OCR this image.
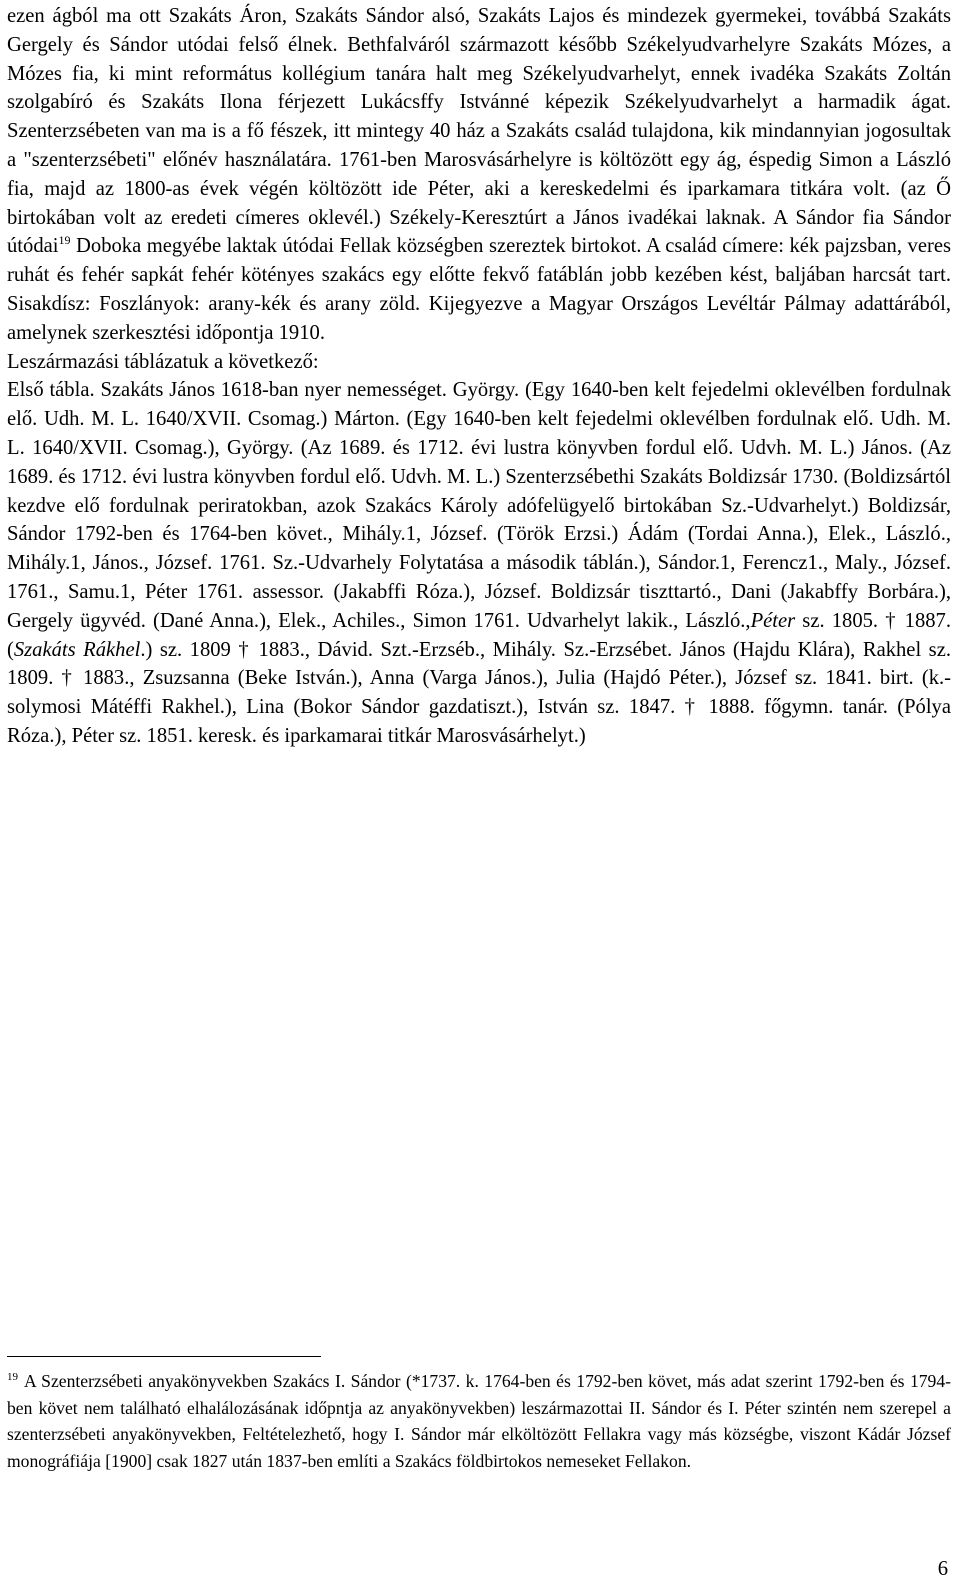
ezen ágból ma ott Szakáts Áron, Szakáts Sándor alsó, Szakáts Lajos és mindezek gyermekei, továbbá Szakáts Gergely és Sándor utódai felső élnek. Bethfalváról származott később Székelyudvarhelyre Szakáts Mózes, a Mózes fia, ki mint református kollégium tanára halt meg Székelyudvarhelyt, ennek ivadéka Szakáts Zoltán szolgabíró és Szakáts Ilona férjezett Lukácsffy Istvánné képezik Székelyudvarhelyt a harmadik ágat. Szenterzsébeten van ma is a fő fészek, itt mintegy 40 ház a Szakáts család tulajdona, kik mindannyian jogosultak a "szenterzsébeti" előnév használatára. 1761-ben Marosvásárhelyre is költözött egy ág, éspedig Simon a László fia, majd az 1800-as évek végén költözött ide Péter, aki a kereskedelmi és iparkamara titkára volt. (az Ő birtokában volt az eredeti címeres oklevél.) Székely-Keresztúrt a János ivadékai laknak. A Sándor fia Sándor útódai$^{19}$ Doboka megyébe laktak útódai Fellak községben szereztek birtokot. A család címere: kék pajzsban, veres ruhát és fehér sapkát fehér kötényes szakács egy előtte fekvő fatáblán jobb kezében kést, baljában harcsát tart. Sisakdísz: Foszlányok: arany-kék és arany zöld. Kijegyezve a Magyar Országos Levéltár Pálmay adattárából, amelynek szerkesztési időpontja 1910.

Leszármazási táblázatuk a következő:

Első tábla. Szakáts János 1618-ban nyer nemességet. György. (Egy 1640-ben kelt fejedelmi oklevélben fordulnak elő. Udh. M. L. 1640/XVII. Csomag.) Márton. (Egy 1640-ben kelt fejedelmi oklevélben fordulnak elő. Udh. M. L. 1640/XVII. Csomag.), György. (Az 1689. és 1712. évi lustra könyvben fordul elő. Udvh. M. L.) János. (Az 1689. és 1712. évi lustra könyvben fordul elő. Udvh. M. L.) Szenterzsébethi Szakáts Boldizsár 1730. (Boldizsártól kezdve elő fordulnak periratokban, azok Szakács Károly adófelügyelő birtokában Sz.-Udvarhelyt.) Boldizsár, Sándor 1792-ben és 1764-ben követ., Mihály.1, József. (Török Erzsi.) Ádám (Tordai Anna.), Elek., László., Mihály.1, János., József. 1761. Sz.-Udvarhely Folytatása a második táblán.), Sándor.1, Ferencz1., Maly., József. 1761., Samu.1, Péter 1761. assessor. (Jakabffi Róza.), József. Boldizsár tiszttartó., Dani (Jakabffy Borbára.), Gergely ügyvéd. (Dané Anna.), Elek., Achiles., Simon 1761. Udvarhelyt lakik., László.,Péter sz. 1805. † 1887. (Szakáts Rákhel.) sz. 1809 † 1883., Dávid. Szt.-Erzséb., Mihály. Sz.-Erzsébet. János (Hajdu Klára), Rakhel sz. 1809. † 1883., Zsuzsanna (Beke István.), Anna (Varga János.), Julia (Hajdó Péter.), József sz. 1841. birt. (k.-solymosi Mátéffi Rakhel.), Lina (Bokor Sándor gazdatiszt.), István sz. 1847. † 1888. főgymn. tanár. (Pólya Róza.), Péter sz. 1851. keresk. és iparkamarai titkár Marosvásárhelyt.)

$^{19}$ A Szenterzsébeti anyakönyvekben Szakács I. Sándor (*1737. k. 1764-ben és 1792-ben követ, más adat szerint 1792-ben és 1794-ben követ nem található elhalálozásának időpntja az anyakönyvekben) leszármazottai II. Sándor és I. Péter szintén nem szerepel a szenterzsébeti anyakönyvekben, Feltételezhető, hogy I. Sándor már elköltözött Fellakra vagy más községbe, viszont Kádár József monográfiája [1900] csak 1827 után 1837-ben említi a Szakács földbirtokos nemeseket Fellakon.
6
